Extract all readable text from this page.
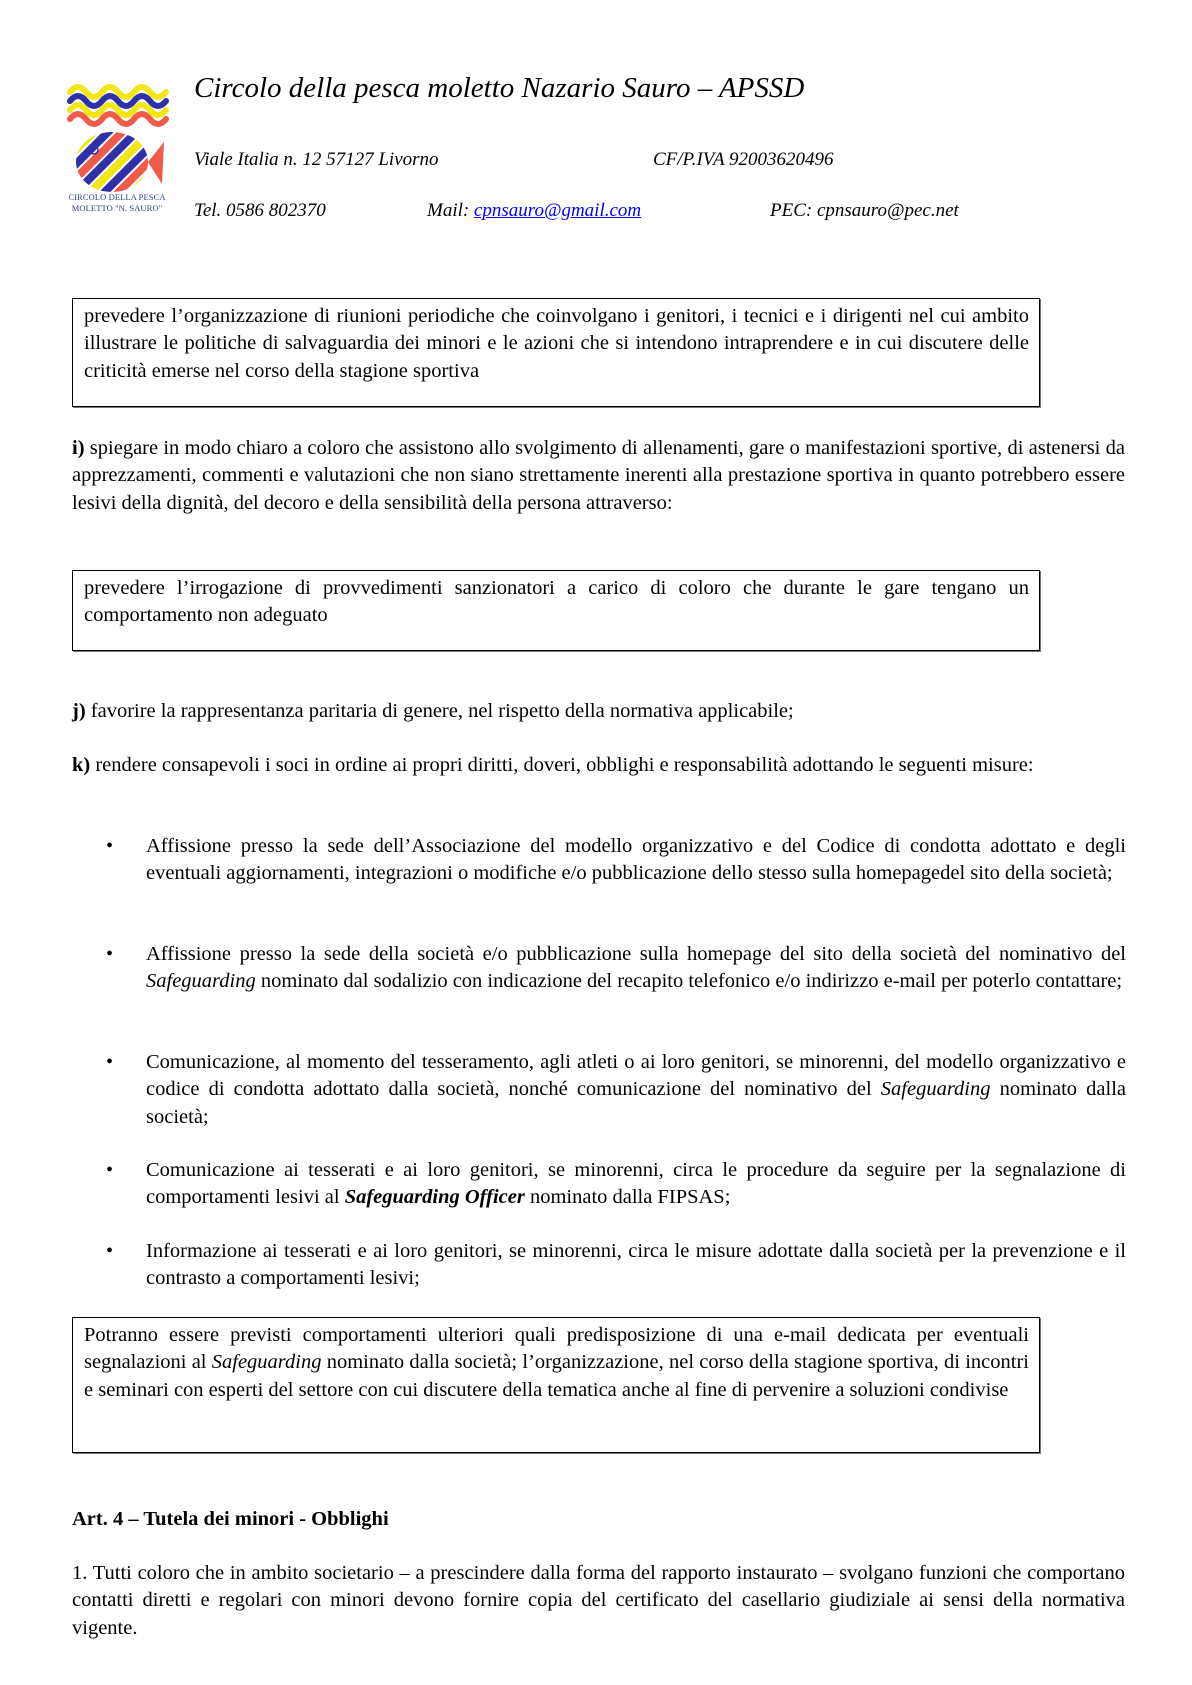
CIRCOLO DELLA PESCA
MOLETTO "N. SAURO"
Circolo della pesca moletto Nazario Sauro – APSSD
Viale Italia n. 12 57127 Livorno	CF/P.IVA 92003620496
Tel. 0586 802370	Mail: cpnsauro@gmail.com	PEC: cpnsauro@pec.net
prevedere l’organizzazione di riunioni periodiche che coinvolgano i genitori, i tecnici e i dirigenti nel cui ambito illustrare le politiche di salvaguardia dei minori e le azioni che si intendono intraprendere e in cui discutere delle criticità emerse nel corso della stagione sportiva
i) spiegare in modo chiaro a coloro che assistono allo svolgimento di allenamenti, gare o manifestazioni sportive, di astenersi da apprezzamenti, commenti e valutazioni che non siano strettamente inerenti alla prestazione sportiva in quanto potrebbero essere lesivi della dignità, del decoro e della sensibilità della persona attraverso:
prevedere l’irrogazione di provvedimenti sanzionatori a carico di coloro che durante le gare tengano un comportamento non adeguato
j) favorire la rappresentanza paritaria di genere, nel rispetto della normativa applicabile;
k) rendere consapevoli i soci in ordine ai propri diritti, doveri, obblighi e responsabilità adottando le seguenti misure:
• Affissione presso la sede dell’Associazione del modello organizzativo e del Codice di condotta adottato e degli eventuali aggiornamenti, integrazioni o modifiche e/o pubblicazione dello stesso sulla homepagedel sito della società;
• Affissione presso la sede della società e/o pubblicazione sulla homepage del sito della società del nominativo del Safeguarding nominato dal sodalizio con indicazione del recapito telefonico e/o indirizzo e-mail per poterlo contattare;
• Comunicazione, al momento del tesseramento, agli atleti o ai loro genitori, se minorenni, del modello organizzativo e codice di condotta adottato dalla società, nonché comunicazione del nominativo del Safeguarding nominato dalla società;
• Comunicazione ai tesserati e ai loro genitori, se minorenni, circa le procedure da seguire per la segnalazione di comportamenti lesivi al Safeguarding Officer nominato dalla FIPSAS;
• Informazione ai tesserati e ai loro genitori, se minorenni, circa le misure adottate dalla società per la prevenzione e il contrasto a comportamenti lesivi;
Potranno essere previsti comportamenti ulteriori quali predisposizione di una e-mail dedicata per eventuali segnalazioni al Safeguarding nominato dalla società; l’organizzazione, nel corso della stagione sportiva, di incontri e seminari con esperti del settore con cui discutere della tematica anche al fine di pervenire a soluzioni condivise
Art. 4 – Tutela dei minori - Obblighi
1. Tutti coloro che in ambito societario – a prescindere dalla forma del rapporto instaurato – svolgano funzioni che comportano contatti diretti e regolari con minori devono fornire copia del certificato del casellario giudiziale ai sensi della normativa vigente.
